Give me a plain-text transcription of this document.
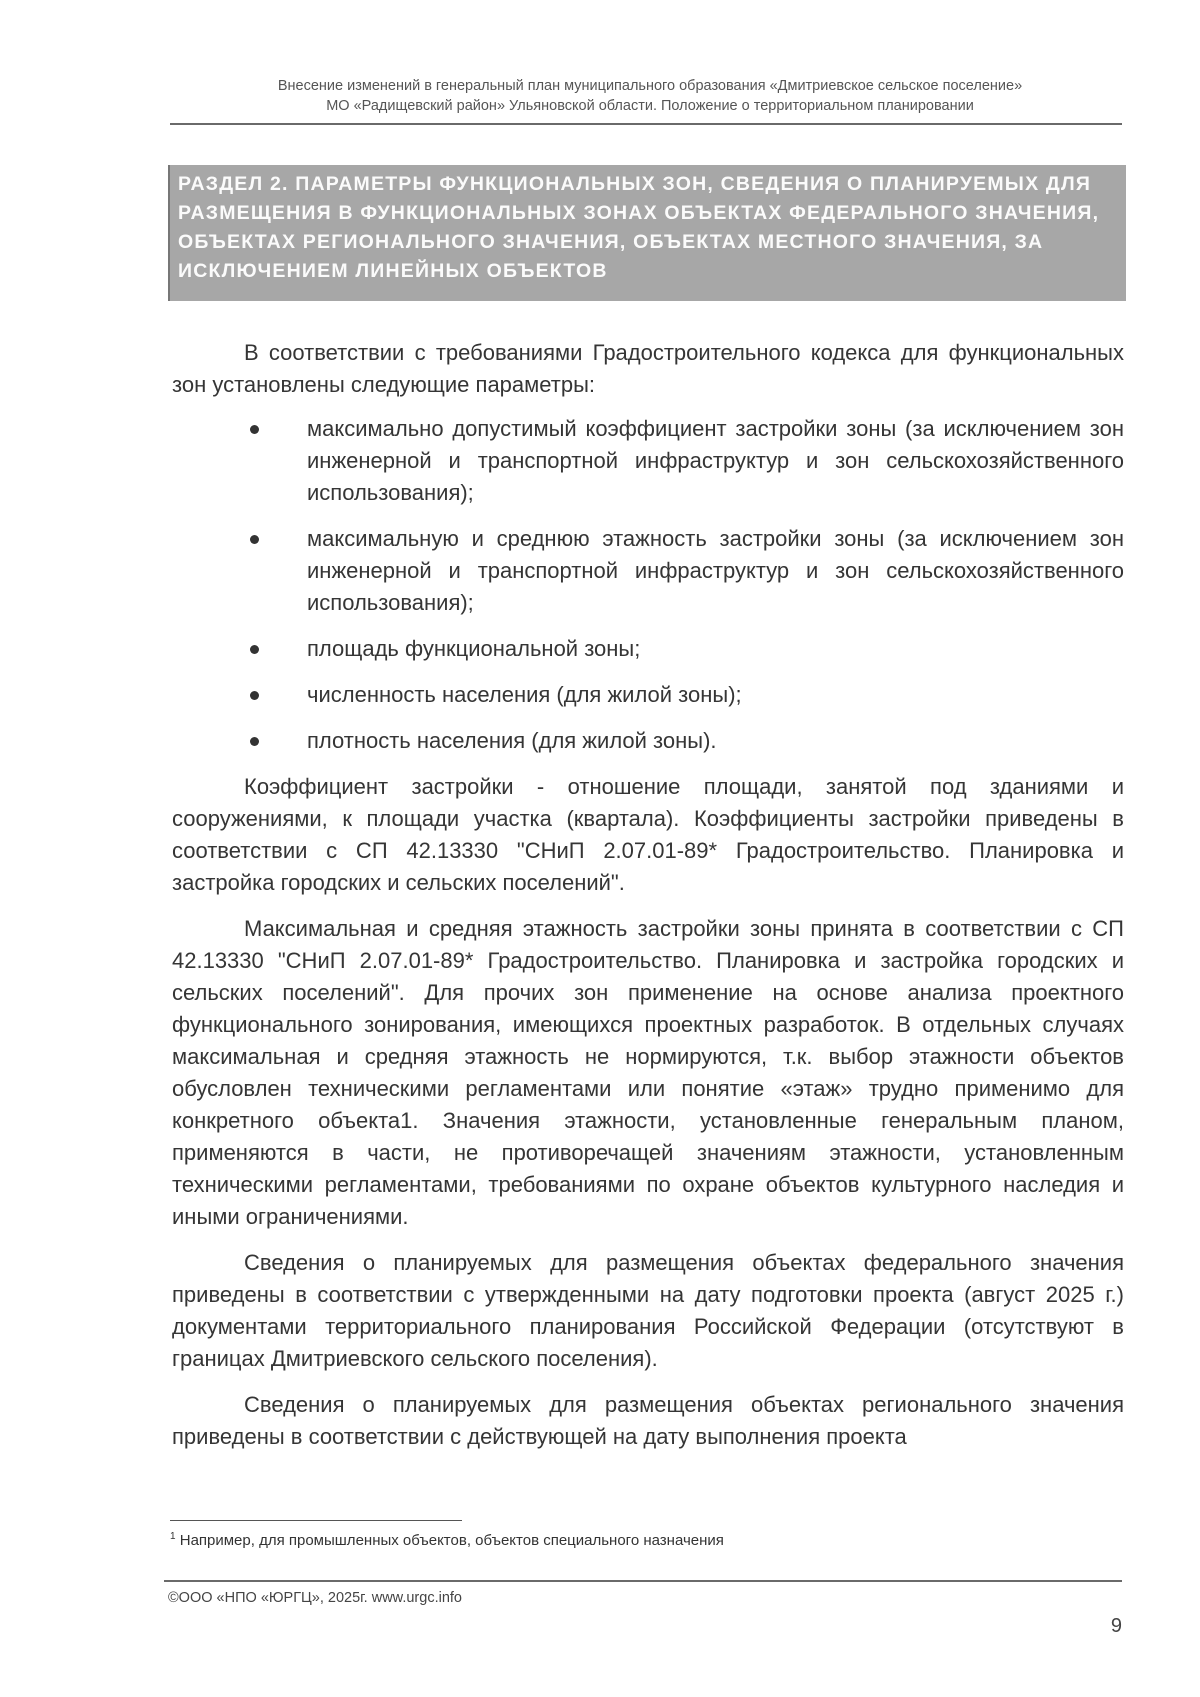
Внесение изменений в генеральный план муниципального образования «Дмитриевское сельское поселение»
МО «Радищевский район» Ульяновской области. Положение о территориальном планировании
РАЗДЕЛ 2. ПАРАМЕТРЫ ФУНКЦИОНАЛЬНЫХ ЗОН, СВЕДЕНИЯ О ПЛАНИРУЕМЫХ ДЛЯ РАЗМЕЩЕНИЯ В ФУНКЦИОНАЛЬНЫХ ЗОНАХ ОБЪЕКТАХ ФЕДЕРАЛЬНОГО ЗНАЧЕНИЯ, ОБЪЕКТАХ РЕГИОНАЛЬНОГО ЗНАЧЕНИЯ, ОБЪЕКТАХ МЕСТНОГО ЗНАЧЕНИЯ, ЗА ИСКЛЮЧЕНИЕМ ЛИНЕЙНЫХ ОБЪЕКТОВ

В соответствии с требованиями Градостроительного кодекса для функциональных зон установлены следующие параметры:

максимально допустимый коэффициент застройки зоны (за исключением зон инженерной и транспортной инфраструктур и зон сельскохозяйственного использования);
максимальную и среднюю этажность застройки зоны (за исключением зон инженерной и транспортной инфраструктур и зон сельскохозяйственного использования);
площадь функциональной зоны;
численность населения (для жилой зоны);
плотность населения (для жилой зоны).

Коэффициент застройки - отношение площади, занятой под зданиями и сооружениями, к площади участка (квартала). Коэффициенты застройки приведены в соответствии с СП 42.13330 "СНиП 2.07.01-89* Градостроительство. Планировка и застройка городских и сельских поселений".

Максимальная и средняя этажность застройки зоны принята в соответствии с СП 42.13330 "СНиП 2.07.01-89* Градостроительство. Планировка и застройка городских и сельских поселений". Для прочих зон применение на основе анализа проектного функционального зонирования, имеющихся проектных разработок. В отдельных случаях максимальная и средняя этажность не нормируются, т.к. выбор этажности объектов обусловлен техническими регламентами или понятие «этаж» трудно применимо для конкретного объекта1. Значения этажности, установленные генеральным планом, применяются в части, не противоречащей значениям этажности, установленным техническими регламентами, требованиями по охране объектов культурного наследия и иными ограничениями.

Сведения о планируемых для размещения объектах федерального значения приведены в соответствии с утвержденными на дату подготовки проекта (август 2025 г.) документами территориального планирования Российской Федерации (отсутствуют в границах Дмитриевского сельского поселения).

Сведения о планируемых для размещения объектах регионального значения приведены в соответствии с действующей на дату выполнения проекта

$^1$ Например, для промышленных объектов, объектов специального назначения
©ООО «НПО «ЮРГЦ», 2025г. www.urgc.info
9
